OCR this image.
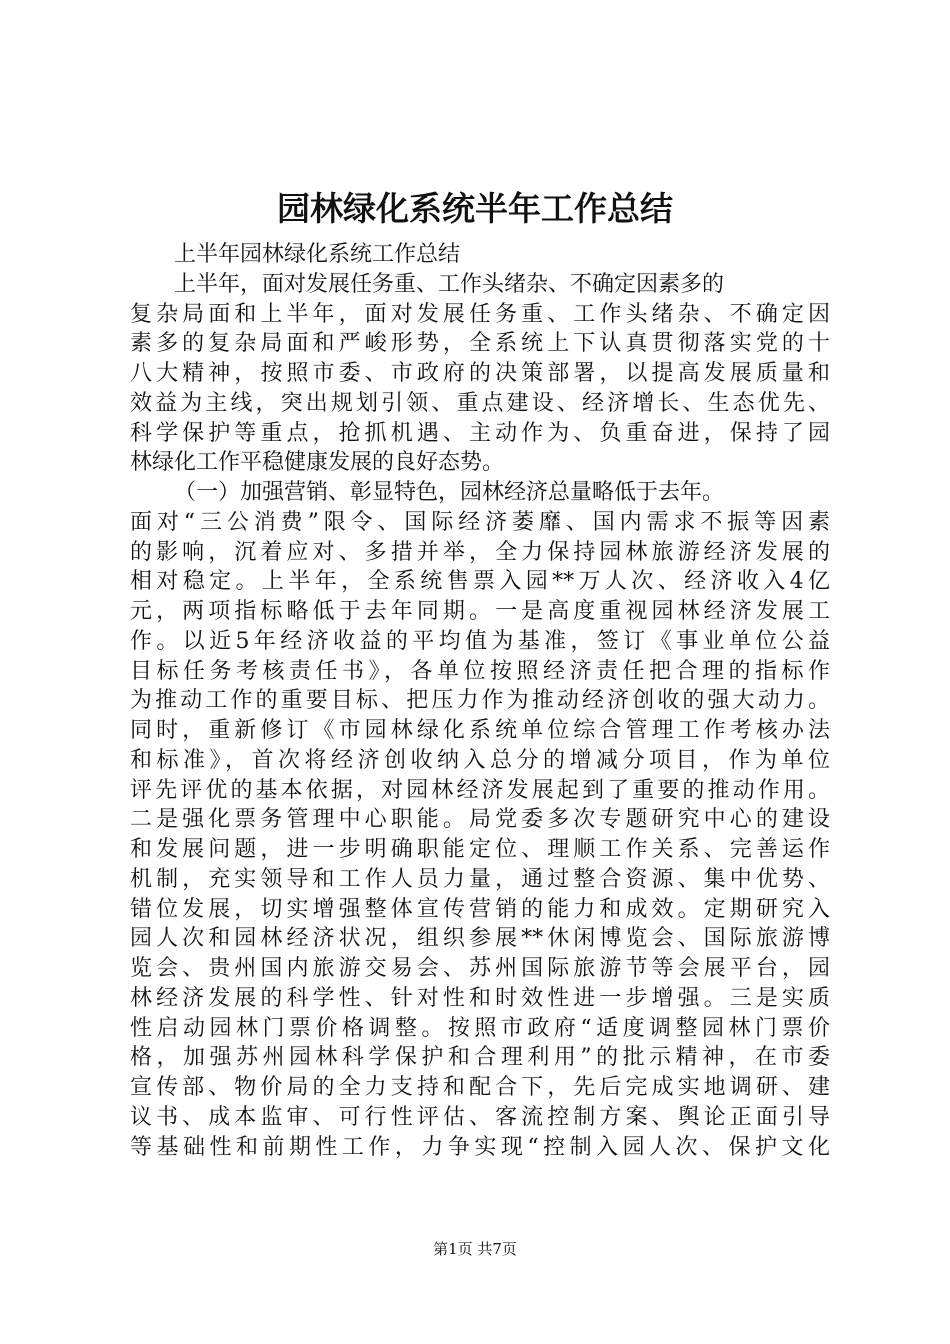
园林绿化系统半年工作总结
上半年园林绿化系统工作总结
上半年，面对发展任务重、工作头绪杂、不确定因素多的
复杂局面和上半年，面对发展任务重、工作头绪杂、不确定因
素多的复杂局面和严峻形势，全系统上下认真贯彻落实党的十
八大精神，按照市委、市政府的决策部署，以提高发展质量和
效益为主线，突出规划引领、重点建设、经济增长、生态优先、
科学保护等重点，抢抓机遇、主动作为、负重奋进，保持了园
林绿化工作平稳健康发展的良好态势。
（一）加强营销、彰显特色，园林经济总量略低于去年。
面对“三公消费”限令、国际经济萎靡、国内需求不振等因素
的影响，沉着应对、多措并举，全力保持园林旅游经济发展的
相对稳定。上半年，全系统售票入园**万人次、经济收入4亿
元，两项指标略低于去年同期。一是高度重视园林经济发展工
作。以近5年经济收益的平均值为基准，签订《事业单位公益
目标任务考核责任书》，各单位按照经济责任把合理的指标作
为推动工作的重要目标、把压力作为推动经济创收的强大动力。
同时，重新修订《市园林绿化系统单位综合管理工作考核办法
和标准》，首次将经济创收纳入总分的增减分项目，作为单位
评先评优的基本依据，对园林经济发展起到了重要的推动作用。
二是强化票务管理中心职能。局党委多次专题研究中心的建设
和发展问题，进一步明确职能定位、理顺工作关系、完善运作
机制，充实领导和工作人员力量，通过整合资源、集中优势、
错位发展，切实增强整体宣传营销的能力和成效。定期研究入
园人次和园林经济状况，组织参展**休闲博览会、国际旅游博
览会、贵州国内旅游交易会、苏州国际旅游节等会展平台，园
林经济发展的科学性、针对性和时效性进一步增强。三是实质
性启动园林门票价格调整。按照市政府“适度调整园林门票价
格，加强苏州园林科学保护和合理利用”的批示精神，在市委
宣传部、物价局的全力支持和配合下，先后完成实地调研、建
议书、成本监审、可行性评估、客流控制方案、舆论正面引导
等基础性和前期性工作，力争实现“控制入园人次、保护文化
第1页 共7页
